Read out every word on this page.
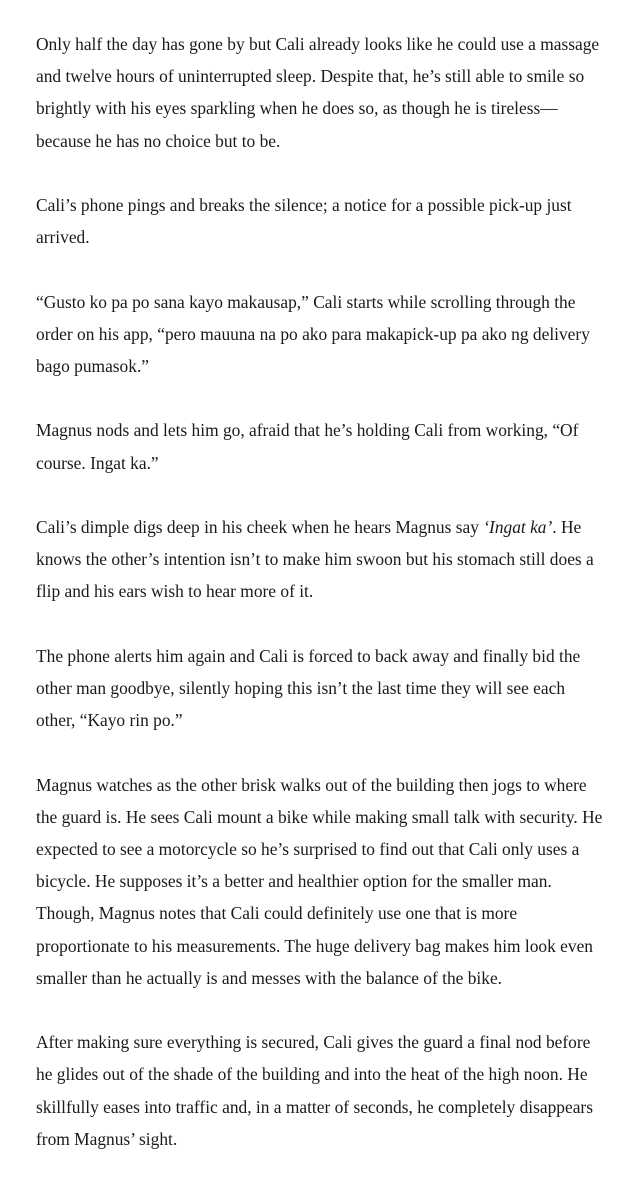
Only half the day has gone by but Cali already looks like he could use a massage and twelve hours of uninterrupted sleep. Despite that, he’s still able to smile so brightly with his eyes sparkling when he does so, as though he is tireless—because he has no choice but to be.

Cali’s phone pings and breaks the silence; a notice for a possible pick-up just arrived.

“Gusto ko pa po sana kayo makausap,” Cali starts while scrolling through the order on his app, “pero mauuna na po ako para makapick-up pa ako ng delivery bago pumasok.”

Magnus nods and lets him go, afraid that he’s holding Cali from working, “Of course. Ingat ka.”

Cali’s dimple digs deep in his cheek when he hears Magnus say ‘Ingat ka’. He knows the other’s intention isn’t to make him swoon but his stomach still does a flip and his ears wish to hear more of it.

The phone alerts him again and Cali is forced to back away and finally bid the other man goodbye, silently hoping this isn’t the last time they will see each other, “Kayo rin po.”

Magnus watches as the other brisk walks out of the building then jogs to where the guard is. He sees Cali mount a bike while making small talk with security. He expected to see a motorcycle so he’s surprised to find out that Cali only uses a bicycle. He supposes it’s a better and healthier option for the smaller man. Though, Magnus notes that Cali could definitely use one that is more proportionate to his measurements. The huge delivery bag makes him look even smaller than he actually is and messes with the balance of the bike.

After making sure everything is secured, Cali gives the guard a final nod before he glides out of the shade of the building and into the heat of the high noon. He skillfully eases into traffic and, in a matter of seconds, he completely disappears from Magnus’ sight.
